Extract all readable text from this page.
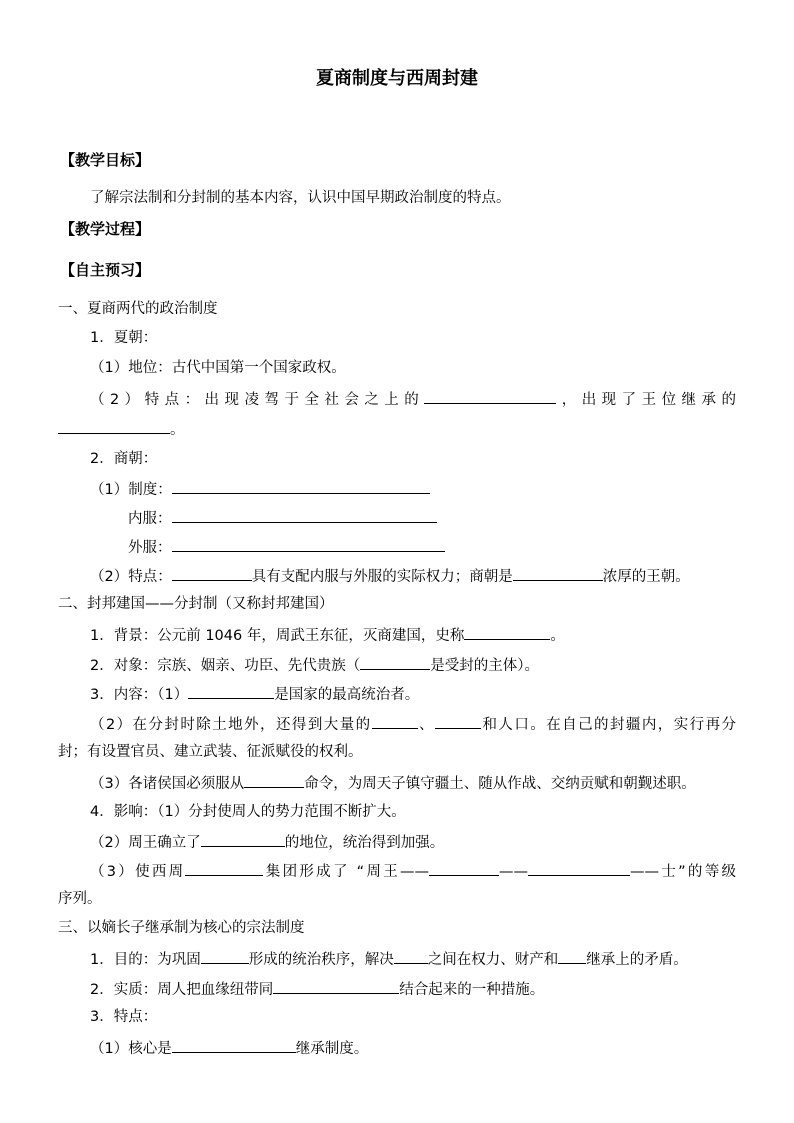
夏商制度与西周封建
【教学目标】
了解宗法制和分封制的基本内容，认识中国早期政治制度的特点。
【教学过程】
【自主预习】
一、夏商两代的政治制度
1．夏朝：
（1）地位：古代中国第一个国家政权。
（2）特点：出现凌驾于全社会之上的	，出现了王位继承的
。
2．商朝：
（1）制度：
内服：
外服：
（2）特点：	具有支配内服与外服的实际权力；商朝是	浓厚的王朝。
二、封邦建国——分封制（又称封邦建国）
1．背景：公元前 1046 年，周武王东征，灭商建国，史称	。
2．对象：宗族、姻亲、功臣、先代贵族（	是受封的主体）。
3．内容：（1）	是国家的最高统治者。
（2）在分封时除土地外，还得到大量的	、	和人口。在自己的封疆内，实行再分
封；有设置官员、建立武装、征派赋役的权利。
（3）各诸侯国必须服从	命令，为周天子镇守疆土、随从作战、交纳贡赋和朝觐述职。
4．影响：（1）分封使周人的势力范围不断扩大。
（2）周王确立了	的地位，统治得到加强。
（3）使西周	集团形成了 “周王——	——	——士”的等级
序列。
三、以嫡长子继承制为核心的宗法制度
1．目的：为巩固	形成的统治秩序，解决 之间在权力、财产和 继承上的矛盾。
2．实质：周人把血缘纽带同	结合起来的一种措施。
3．特点：
（1）核心是	继承制度。
